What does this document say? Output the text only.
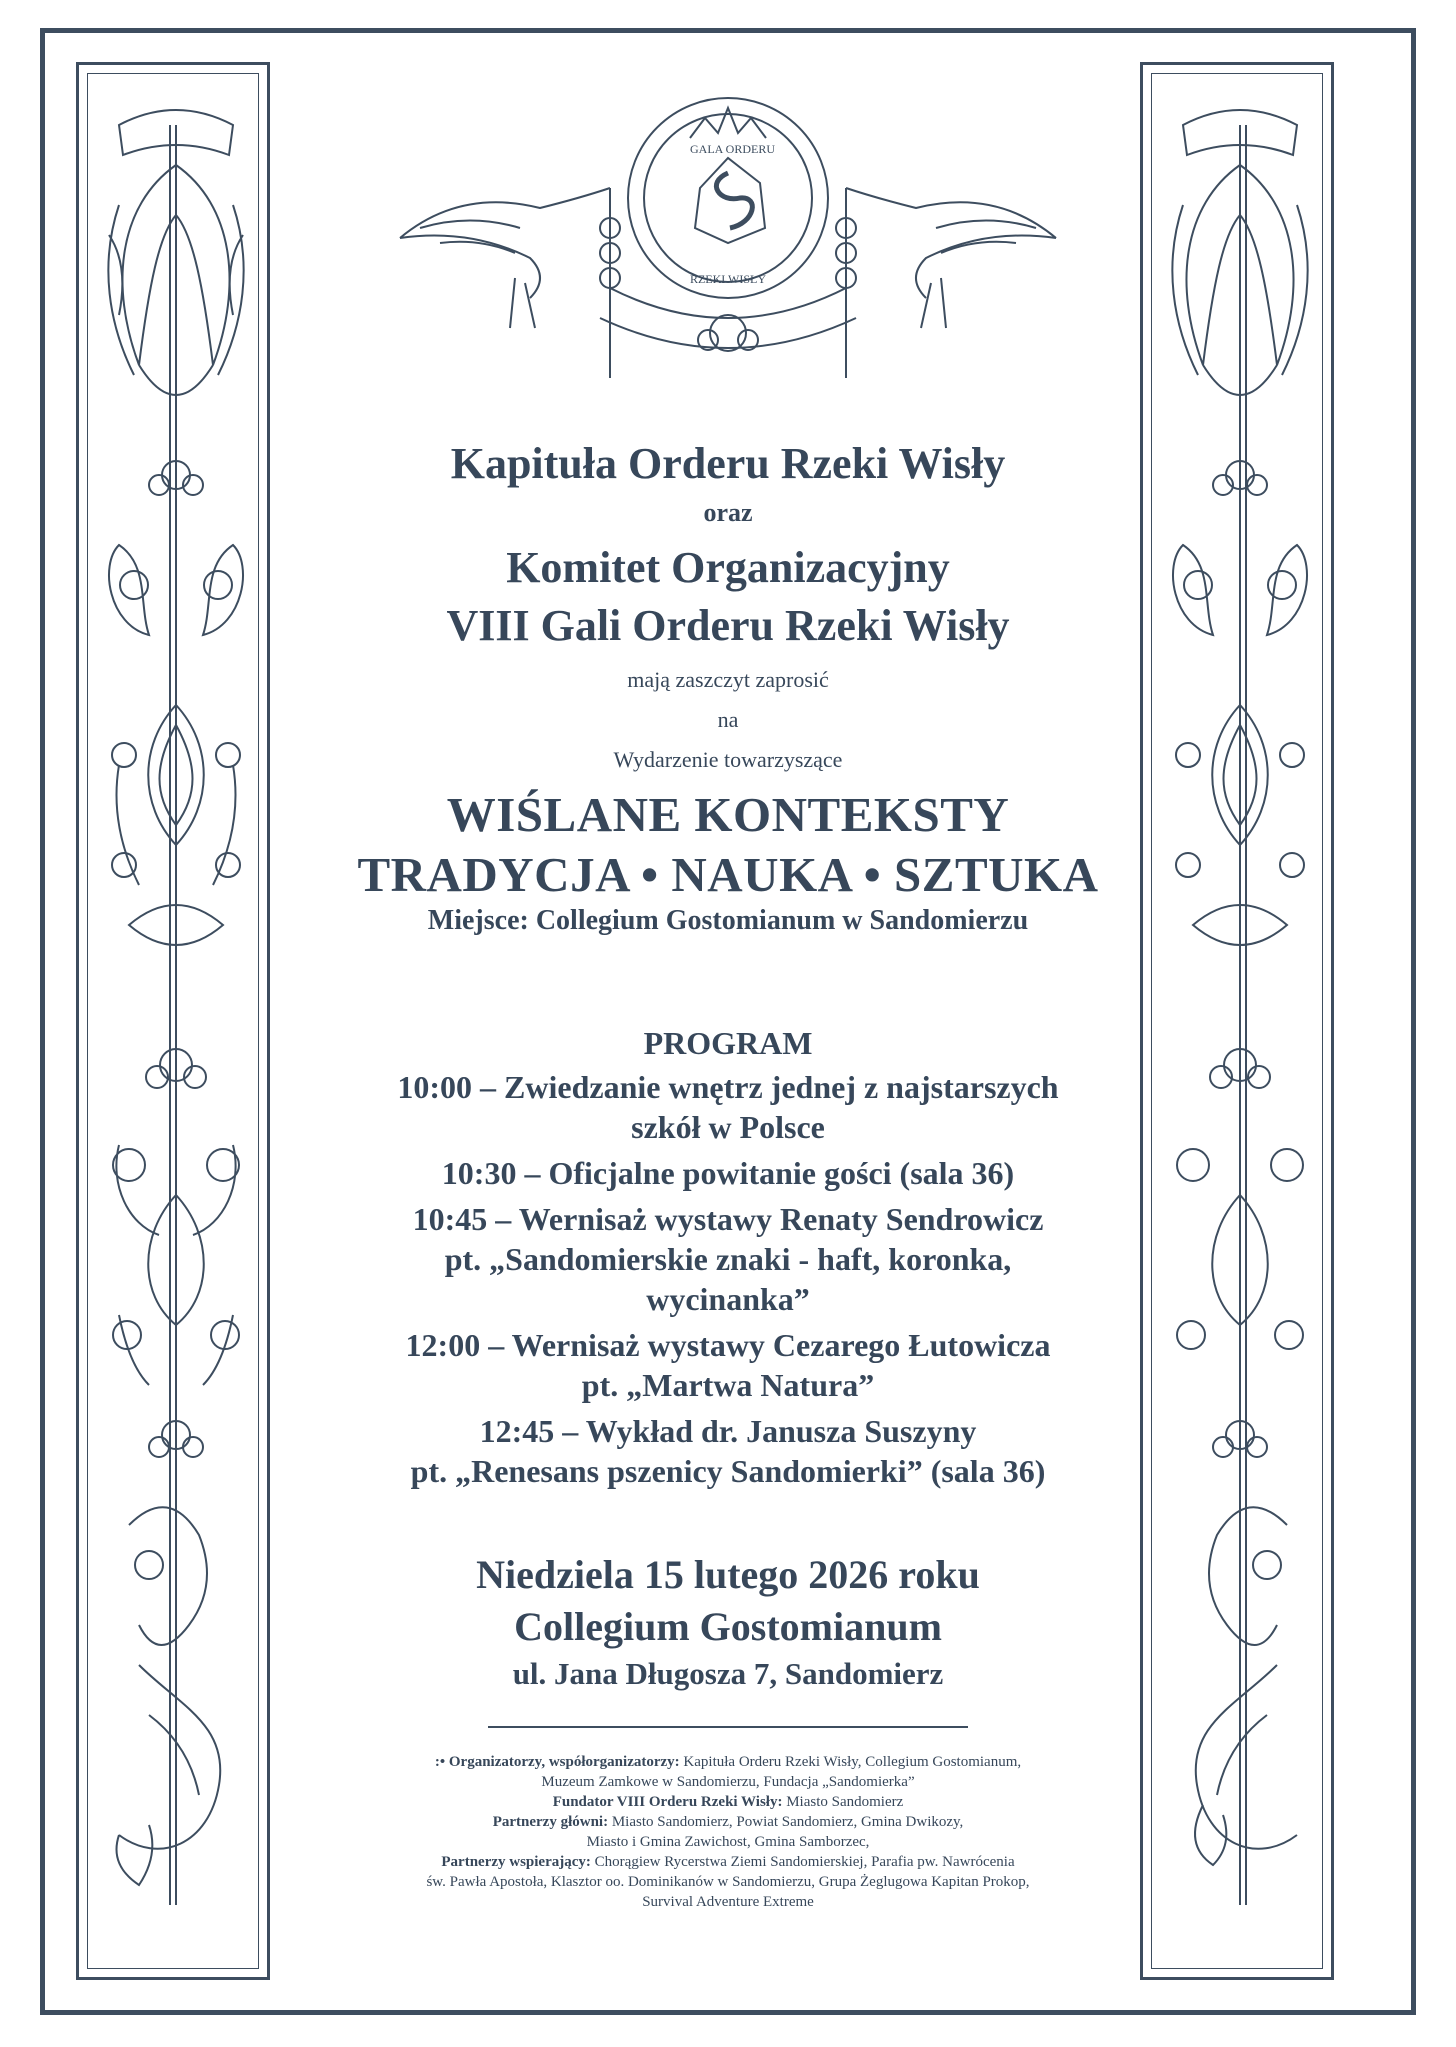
GALA ORDERU
RZEKI WISŁY
Kapituła Orderu Rzeki Wisły
oraz
Komitet Organizacyjny
VIII Gali Orderu Rzeki Wisły
mają zaszczyt zaprosić
na
Wydarzenie towarzyszące
WIŚLANE KONTEKSTY
TRADYCJA • NAUKA • SZTUKA
Miejsce: Collegium Gostomianum w Sandomierzu
PROGRAM
10:00 – Zwiedzanie wnętrz jednej z najstarszych
szkół w Polsce
10:30 – Oficjalne powitanie gości (sala 36)
10:45 – Wernisaż wystawy Renaty Sendrowicz
pt. „Sandomierskie znaki - haft, koronka,
wycinanka”
12:00 – Wernisaż wystawy Cezarego Łutowicza
pt. „Martwa Natura”
12:45 – Wykład dr. Janusza Suszyny
pt. „Renesans pszenicy Sandomierki” (sala 36)
Niedziela 15 lutego 2026 roku
Collegium Gostomianum
ul. Jana Długosza 7, Sandomierz
:• Organizatorzy, współorganizatorzy: Kapituła Orderu Rzeki Wisły, Collegium Gostomianum,
Muzeum Zamkowe w Sandomierzu, Fundacja „Sandomierka”
Fundator VIII Orderu Rzeki Wisły: Miasto Sandomierz
Partnerzy główni: Miasto Sandomierz, Powiat Sandomierz, Gmina Dwikozy,
Miasto i Gmina Zawichost, Gmina Samborzec,
Partnerzy wspierający: Chorągiew Rycerstwa Ziemi Sandomierskiej, Parafia pw. Nawrócenia
św. Pawła Apostoła, Klasztor oo. Dominikanów w Sandomierzu, Grupa Żeglugowa Kapitan Prokop,
Survival Adventure Extreme
